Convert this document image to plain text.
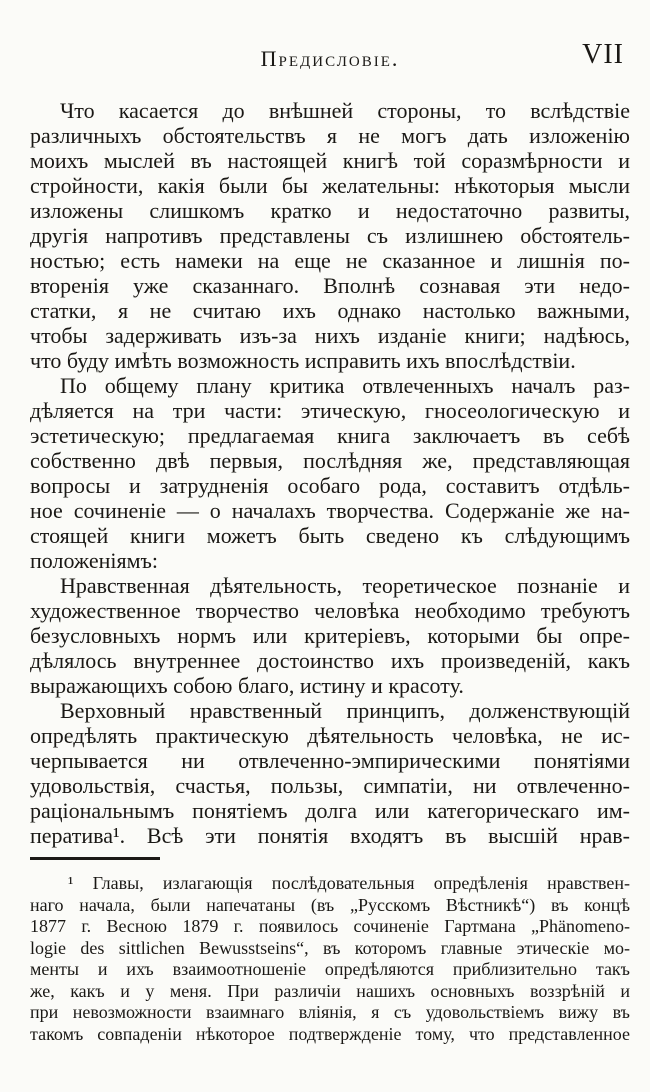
Предисловіе.	VII
Что касается до внѣшней стороны, то вслѣдствіе
различныхъ обстоятельствъ я не могъ дать изложенію
моихъ мыслей въ настоящей книгѣ той соразмѣрности и
стройности, какія были бы желательны: нѣкоторыя мысли
изложены слишкомъ кратко и недостаточно развиты,
другія напротивъ представлены съ излишнею обстоятель-
ностью; есть намеки на еще не сказанное и лишнія по-
вторенія уже сказаннаго. Вполнѣ сознавая эти недо-
статки, я не считаю ихъ однако настолько важными,
чтобы задерживать изъ-за нихъ изданіе книги; надѣюсь,
что буду имѣть возможность исправить ихъ впослѣдствіи.
По общему плану критика отвлеченныхъ началъ раз-
дѣляется на три части: этическую, гносеологическую и
эстетическую; предлагаемая книга заключаетъ въ себѣ
собственно двѣ первыя, послѣдняя же, представляющая
вопросы и затрудненія особаго рода, составитъ отдѣль-
ное сочиненіе — о началахъ творчества. Содержаніе же на-
стоящей книги можетъ быть сведено къ слѣдующимъ
положеніямъ:
Нравственная дѣятельность, теоретическое познаніе и
художественное творчество человѣка необходимо требуютъ
безусловныхъ нормъ или критеріевъ, которыми бы опре-
дѣлялось внутреннее достоинство ихъ произведеній, какъ
выражающихъ собою благо, истину и красоту.
Верховный нравственный принципъ, долженствующій
опредѣлять практическую дѣятельность человѣка, не ис-
черпывается ни отвлеченно-эмпирическими понятіями
удовольствія, счастья, пользы, симпатіи, ни отвлеченно-
раціональнымъ понятіемъ долга или категорическаго им-
ператива¹. Всѣ эти понятія входятъ въ высшій нрав-
¹ Главы, излагающія послѣдовательныя опредѣленія нравствен-
наго начала, были напечатаны (въ „Русскомъ Вѣстникѣ“) въ концѣ
1877 г. Весною 1879 г. появилось сочиненіе Гартмана „Phänomeno-
logie des sittlichen Bewusstseins“, въ которомъ главные этическіе мо-
менты и ихъ взаимоотношеніе опредѣляются приблизительно такъ
же, какъ и у меня. При различіи нашихъ основныхъ воззрѣній и
при невозможности взаимнаго вліянія, я съ удовольствіемъ вижу въ
такомъ совпаденіи нѣкоторое подтвержденіе тому, что представленное
